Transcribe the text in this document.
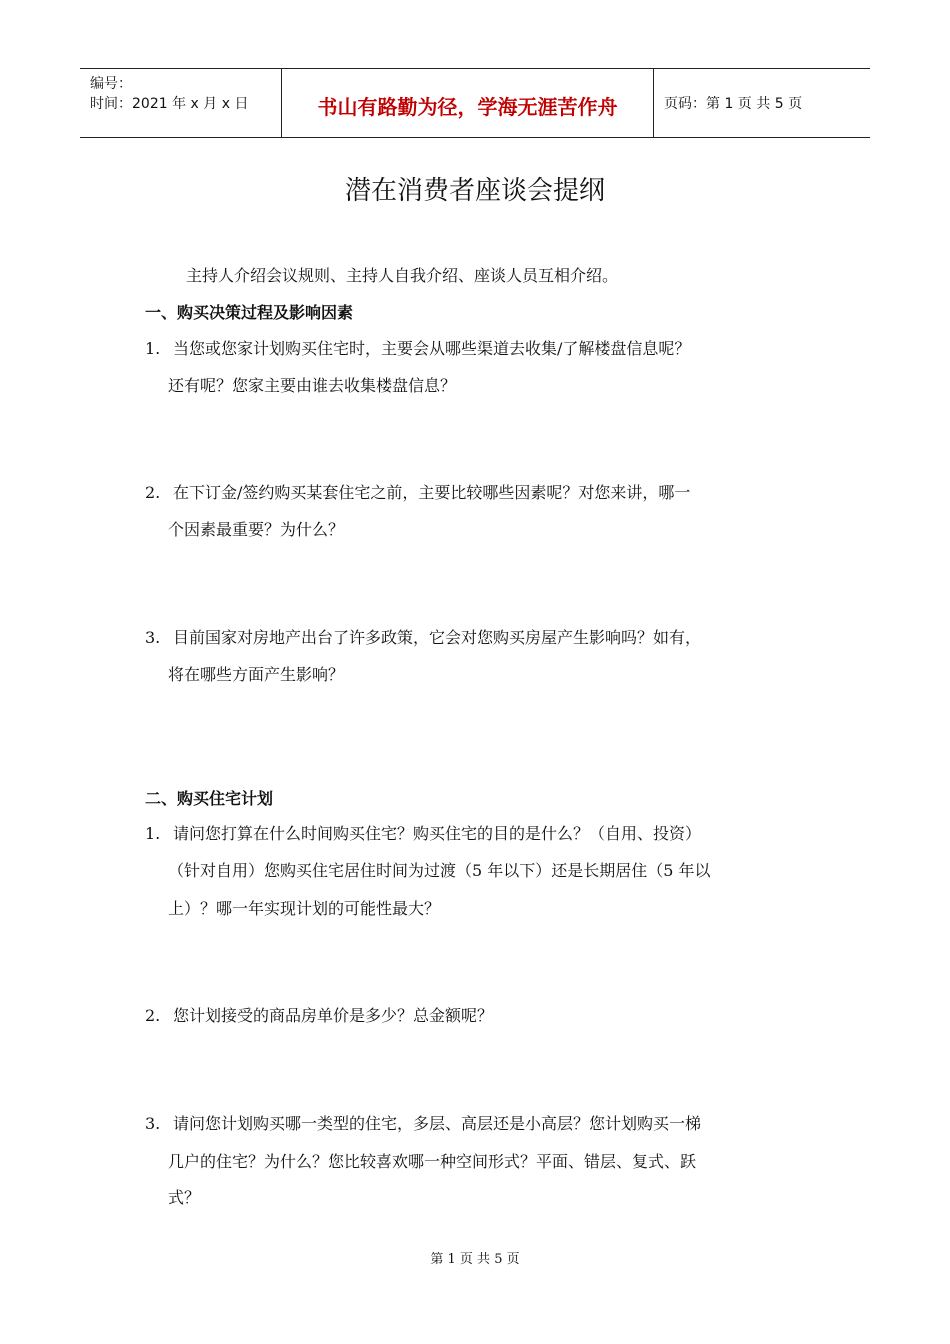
编号：
时间：2021 年 x 月 x 日	书山有路勤为径，学海无涯苦作舟	页码：第 1 页 共 5 页
潜在消费者座谈会提纲
主持人介绍会议规则、主持人自我介绍、座谈人员互相介绍。
一、购买决策过程及影响因素
1. 当您或您家计划购买住宅时，主要会从哪些渠道去收集/了解楼盘信息呢？
还有呢？您家主要由谁去收集楼盘信息？
2. 在下订金/签约购买某套住宅之前，主要比较哪些因素呢？对您来讲，哪一
个因素最重要？为什么？
3. 目前国家对房地产出台了许多政策，它会对您购买房屋产生影响吗？如有，
将在哪些方面产生影响？
二、购买住宅计划
1. 请问您打算在什么时间购买住宅？购买住宅的目的是什么？（自用、投资）
（针对自用）您购买住宅居住时间为过渡（5 年以下）还是长期居住（5 年以
上）？哪一年实现计划的可能性最大？
2. 您计划接受的商品房单价是多少？总金额呢？
3. 请问您计划购买哪一类型的住宅，多层、高层还是小高层？您计划购买一梯
几户的住宅？为什么？您比较喜欢哪一种空间形式？平面、错层、复式、跃
式？
第 1 页 共 5 页
